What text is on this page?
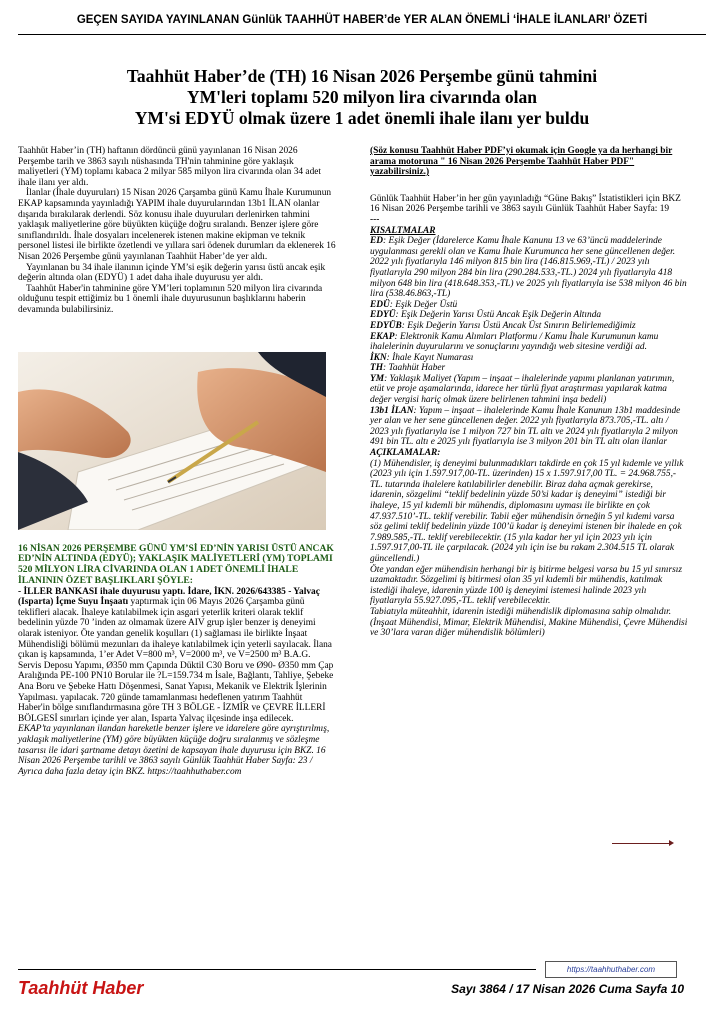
GEÇEN SAYIDA YAYINLANAN Günlük TAAHHÜT HABER’de YER ALAN ÖNEMLİ ‘İHALE İLANLARI’ ÖZETİ
Taahhüt Haber’de (TH) 16 Nisan 2026 Perşembe günü tahmini
YM'leri toplamı 520 milyon lira civarında olan
YM'si EDYÜ olmak üzere 1 adet önemli ihale ilanı yer buldu

Taahhüt Haber’in (TH) haftanın dördüncü günü yayınlanan 16 Nisan 2026 Perşembe tarih ve 3863 sayılı nüshasında TH'nin tahminine göre yaklaşık maliyetleri (YM) toplamı kabaca 2 milyar 585 milyon lira civarında olan 34 adet ihale ilanı yer aldı.

İlanlar (İhale duyuruları) 15 Nisan 2026 Çarşamba günü Kamu İhale Kurumunun EKAP kapsamında yayınladığı YAPIM ihale duyurularından 13b1 İLAN olanlar dışarıda bırakılarak derlendi. Söz konusu ihale duyuruları derlenirken tahmini yaklaşık maliyetlerine göre büyükten küçüğe doğru sıralandı. Benzer işlere göre sınıflandırıldı. İhale dosyaları incelenerek istenen makine ekipman ve teknik personel listesi ile birlikte özetlendi ve yıllara sari ödenek durumları da eklenerek 16 Nisan 2026 Perşembe günü yayınlanan Taahhüt Haber’de yer aldı.

Yayınlanan bu 34 ihale ilanının içinde YM’si eşik değerin yarısı üstü ancak eşik değerin altında olan (EDYÜ) 1 adet daha ihale duyurusu yer aldı.

Taahhüt Haber'in tahminine göre YM’leri toplamının 520 milyon lira civarında olduğunu tespit ettiğimiz bu 1 önemli ihale duyurusunun başlıklarını haberin devamında bulabilirsiniz.

16 NİSAN 2026 PERŞEMBE GÜNÜ YM’Sİ ED’NİN YARISI ÜSTÜ ANCAK ED’NİN ALTINDA (EDYÜ); YAKLAŞIK MALİYETLERİ (YM) TOPLAMI 520 MİLYON LİRA CİVARINDA OLAN 1 ADET ÖNEMLİ İHALE İLANININ ÖZET BAŞLIKLARI ŞÖYLE:

- İLLER BANKASI ihale duyurusu yaptı. İdare, İKN. 2026/643385 - Yalvaç (Isparta) İçme Suyu İnşaatı yaptırmak için 06 Mayıs 2026 Çarşamba günü teklifleri alacak. İhaleye katılabilmek için asgari yeterlik kriteri olarak teklif bedelinin yüzde 70 ’inden az olmamak üzere AIV grup işler benzer iş deneyimi olarak isteniyor. Öte yandan genelik koşulları (1) sağlaması ile birlikte İnşaat Mühendisliği bölümü mezunları da ihaleye katılabilmek için yeterli sayılacak. İlana çıkan iş kapsamında, 1’er Adet V=800 m³, V=2000 m³, ve V=2500 m³ B.A.G. Servis Deposu Yapımı, Ø350 mm Çapında Düktil C30 Boru ve Ø90- Ø350 mm Çap Aralığında PE-100 PN10 Borular ile ?L=159.734 m İsale, Bağlantı, Tahliye, Şebeke Ana Boru ve Şebeke Hattı Döşenmesi, Sanat Yapısı, Mekanik ve Elektrik İşlerinin Yapılması. yapılacak. 720 günde tamamlanması hedeflenen yatırım Taahhüt Haber'in bölge sınıflandırmasına göre TH 3 BÖLGE - İZMİR ve ÇEVRE İLLERİ BÖLGESİ sınırları içinde yer alan, Isparta Yalvaç ilçesinde inşa edilecek.

EKAP’ta yayınlanan ilandan hareketle benzer işlere ve idarelere göre ayrıştırılmış, yaklaşık maliyetlerine (YM) göre büyükten küçüğe doğru sıralanmış ve sözleşme tasarısı ile idari şartname detayı özetini de kapsayan ihale duyurusu için BKZ. 16 Nisan 2026 Perşembe tarihli ve 3863 sayılı Günlük Taahhüt Haber Sayfa: 23 / Ayrıca daha fazla detay için BKZ. https://taahhuthaber.com

(Söz konusu Taahhüt Haber PDF’yi okumak için Google ya da herhangi bir arama motoruna " 16 Nisan 2026 Perşembe Taahhüt Haber PDF" yazabilirsiniz.)

Günlük Taahhüt Haber’in her gün yayınladığı “Güne Bakış” İstatistikleri için BKZ 16 Nisan 2026 Perşembe tarihli ve 3863 sayılı Günlük Taahhüt Haber Sayfa: 19

---

KISALTMALAR

ED: Eşik Değer (İdarelerce Kamu İhale Kanunu 13 ve 63’üncü maddelerinde uygulanması gerekli olan ve Kamu İhale Kurumunca her sene güncellenen değer. 2022 yılı fiyatlarıyla 146 milyon 815 bin lira (146.815.969,-TL) / 2023 yılı fiyatlarıyla 290 milyon 284 bin lira (290.284.533,-TL.) 2024 yılı fiyatlarıyla 418 milyon 648 bin lira (418.648.353,-TL) ve 2025 yılı fiyatlarıyla ise 538 milyon 46 bin lira (538.46.863,-TL)

EDÜ: Eşik Değer Üstü

EDYÜ: Eşik Değerin Yarısı Üstü Ancak Eşik Değerin Altında

EDYÜB: Eşik Değerin Yarısı Üstü Ancak Üst Sınırın Belirlemediğimiz

EKAP: Elektronik Kamu Alımları Platformu / Kamu İhale Kurumunun kamu ihalelerinin duyurularını ve sonuçlarını yayındığı web sitesine verdiği ad.

İKN: İhale Kayıt Numarası

TH: Taahhüt Haber

YM: Yaklaşık Maliyet (Yapım – inşaat – ihalelerinde yapımı planlanan yatırımın, etüt ve proje aşamalarında, idarece her türlü fiyat araştırması yapılarak katma değer vergisi hariç olmak üzere belirlenen tahmini inşa bedeli)

13b1 İLAN: Yapım – inşaat – ihalelerinde Kamu İhale Kanunun 13b1 maddesinde yer alan ve her sene güncellenen değer. 2022 yılı fiyatlarıyla 873.705,-TL. altı / 2023 yılı fiyatlarıyla ise 1 milyon 727 bin TL altı ve 2024 yılı fiyatlarıyla 2 milyon 491 bin TL. altı e 2025 yılı fiyatlarıyla ise 3 milyon 201 bin TL altı olan ilanlar

AÇIKLAMALAR:

(1) Mühendisler, iş deneyimi bulunmadıkları takdirde en çok 15 yıl kıdemle ve yıllık (2023 yılı için 1.597.917,00-TL. üzerinden) 15 x 1.597.917,00 TL. = 24.968.755,-TL. tutarında ihalelere katılabilirler denebilir. Biraz daha açmak gerekirse, idarenin, sözgelimi “teklif bedelinin yüzde 50’si kadar iş deneyimi” istediği bir ihaleye, 15 yıl kıdemli bir mühendis, diplomasını uyması ile birlikte en çok 47.937.510’-TL. teklif verebilir. Tabii eğer mühendisin örneğin 5 yıl kıdemi varsa söz gelimi teklif bedelinin yüzde 100’ü kadar iş deneyimi istenen bir ihalede en çok 7.989.585,-TL. teklif verebilecektir. (15 yıla kadar her yıl için 2023 yılı için 1.597.917,00-TL ile çarpılacak. (2024 yılı için ise bu rakam 2.304.515 TL olarak güncellendi.)

Öte yandan eğer mühendisin herhangi bir iş bitirme belgesi varsa bu 15 yıl sınırsız uzamaktadır. Sözgelimi iş bitirmesi olan 35 yıl kıdemli bir mühendis, katılmak istediği ihaleye, idarenin yüzde 100 iş deneyimi istemesi halinde 2023 yılı fiyatlarıyla 55.927.095,-TL. teklif verebilecektir.

Tabiatıyla müteahhit, idarenin istediği mühendislik diplomasına sahip olmalıdır. (İnşaat Mühendisi, Mimar, Elektrik Mühendisi, Makine Mühendisi, Çevre Mühendisi ve 30’lara varan diğer mühendislik bölümleri)

https://taahhuthaber.com
Taahhüt Haber	Sayı 3864 / 17 Nisan 2026 Cuma Sayfa 10
